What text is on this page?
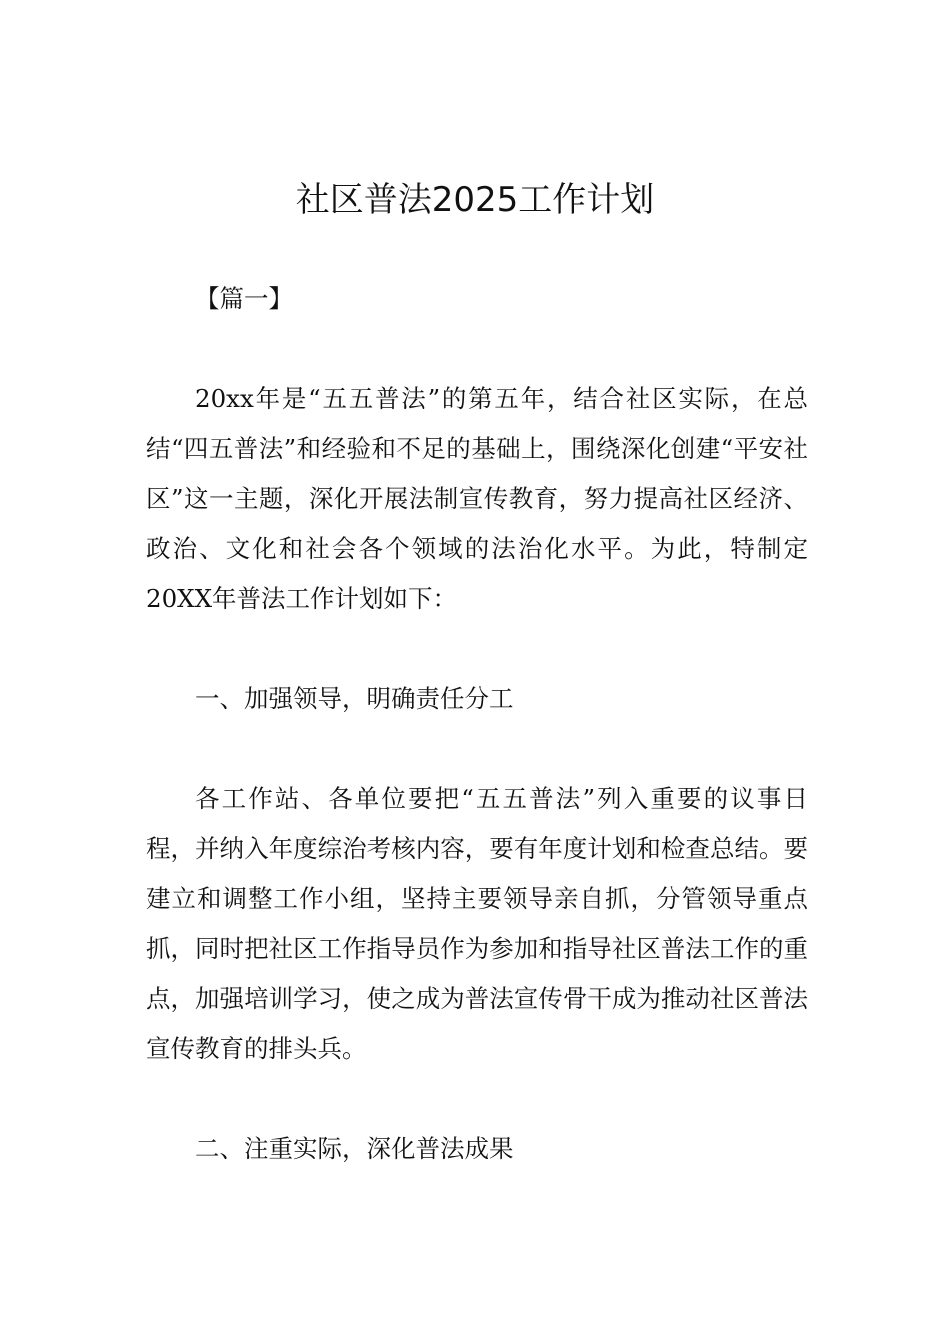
社区普法2025工作计划

【篇一】

20xx年是“五五普法”的第五年，结合社区实际，在总结“四五普法”和经验和不足的基础上，围绕深化创建“平安社区”这一主题，深化开展法制宣传教育，努力提高社区经济、政治、文化和社会各个领域的法治化水平。为此，特制定20XX年普法工作计划如下：

一、加强领导，明确责任分工

各工作站、各单位要把“五五普法”列入重要的议事日程，并纳入年度综治考核内容，要有年度计划和检查总结。要建立和调整工作小组，坚持主要领导亲自抓，分管领导重点抓，同时把社区工作指导员作为参加和指导社区普法工作的重点，加强培训学习，使之成为普法宣传骨干成为推动社区普法宣传教育的排头兵。

二、注重实际，深化普法成果
